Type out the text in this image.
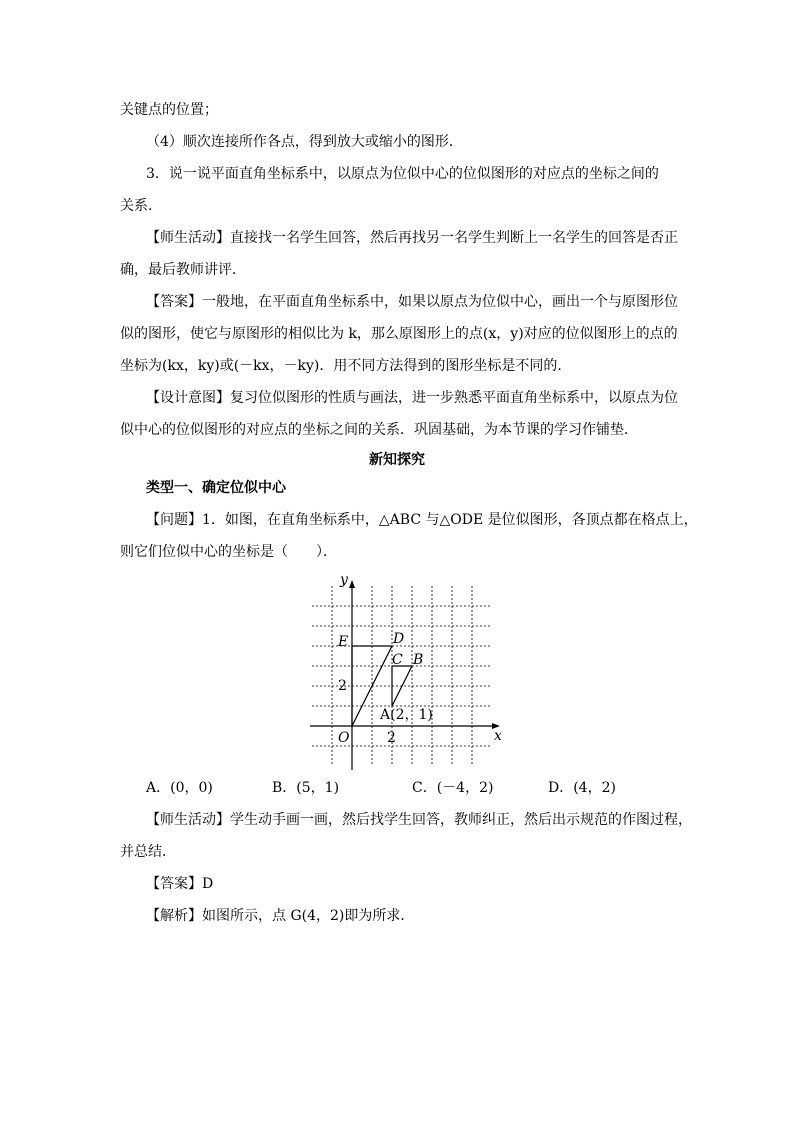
关键点的位置；
（4）顺次连接所作各点，得到放大或缩小的图形．
3．说一说平面直角坐标系中，以原点为位似中心的位似图形的对应点的坐标之间的
关系．
【师生活动】直接找一名学生回答，然后再找另一名学生判断上一名学生的回答是否正
确，最后教师讲评．
【答案】一般地，在平面直角坐标系中，如果以原点为位似中心，画出一个与原图形位
似的图形，使它与原图形的相似比为 k，那么原图形上的点(x，y)对应的位似图形上的点的
坐标为(kx，ky)或(－kx，－ky)．用不同方法得到的图形坐标是不同的．
【设计意图】复习位似图形的性质与画法，进一步熟悉平面直角坐标系中，以原点为位
似中心的位似图形的对应点的坐标之间的关系．巩固基础，为本节课的学习作铺垫．
新知探究
类型一、确定位似中心
【问题】1．如图，在直角坐标系中，△ABC 与△ODE 是位似图形，各顶点都在格点上，
则它们位似中心的坐标是（　　）．
y
x
O
E	D
C B
A(2，1)
2
2
A．(0，0)	B．(5，1)	C．(－4，2)	D．(4，2)
【师生活动】学生动手画一画，然后找学生回答，教师纠正，然后出示规范的作图过程，
并总结．
【答案】D
【解析】如图所示，点 G(4，2)即为所求．
